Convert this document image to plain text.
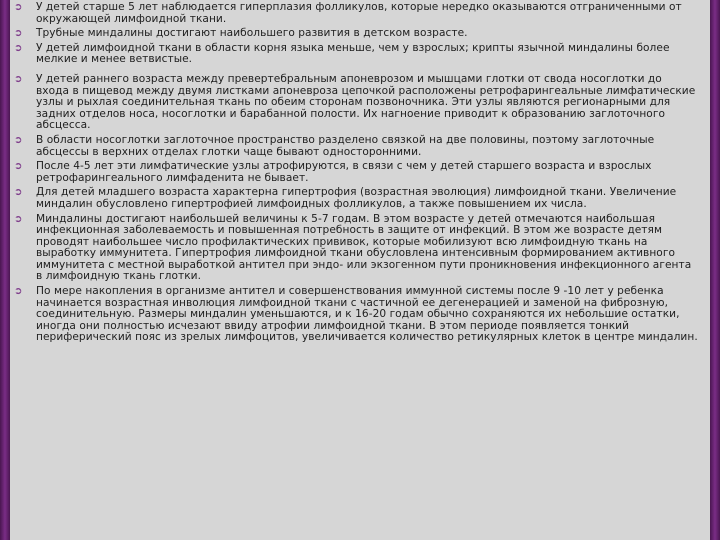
➲ У детей старше 5 лет наблюдается гиперплазия фолликулов, которые нередко оказываются отграниченными от окружающей лимфоидной ткани.
➲ Трубные миндалины достигают наибольшего развития в детском возрасте.
➲ У детей лимфоидной ткани в области корня языка меньше, чем у взрослых; крипты язычной миндалины более мелкие и менее ветвистые.
➲ У детей раннего возраста между превертебральным апоневрозом и мышцами глотки от свода носоглотки до входа в пищевод между двумя листками апоневроза цепочкой расположены ретрофарингеальные лимфатические узлы и рыхлая соединительная ткань по обеим сторонам позвоночника. Эти узлы являются регионарными для задних отделов носа, носоглотки и барабанной полости. Их нагноение приводит к образованию заглоточного абсцесса.
➲ В области носоглотки заглоточное пространство разделено связкой на две половины, поэтому заглоточные абсцессы в верхних отделах глотки чаще бывают односторонними.
➲ После 4-5 лет эти лимфатические узлы атрофируются, в связи с чем у детей старшего возраста и взрослых ретрофарингеального лимфаденита не бывает.
➲ Для детей младшего возраста характерна гипертрофия (возрастная эволюция) лимфоидной ткани. Увеличение миндалин обусловлено гипертрофией лимфоидных фолликулов, а также повышением их числа.
➲ Миндалины достигают наибольшей величины к 5-7 годам. В этом возрасте у детей отмечаются наибольшая инфекционная заболеваемость и повышенная потребность в защите от инфекций. В этом же возрасте детям проводят наибольшее число профилактических прививок, которые мобилизуют всю лимфоидную ткань на выработку иммунитета. Гипертрофия лимфоидной ткани обусловлена интенсивным формированием активного иммунитета с местной выработкой антител при эндо- или экзогенном пути проникновения инфекционного агента в лимфоидную ткань глотки.
➲ По мере накопления в организме антител и совершенствования иммунной системы после 9 -10 лет у ребенка начинается возрастная инволюция лимфоидной ткани с частичной ее дегенерацией и заменой на фиброзную, соединительную. Размеры миндалин уменьшаются, и к 16-20 годам обычно сохраняются их небольшие остатки, иногда они полностью исчезают ввиду атрофии лимфоидной ткани. В этом периоде появляется тонкий периферический пояс из зрелых лимфоцитов, увеличивается количество ретикулярных клеток в центре миндалин.
